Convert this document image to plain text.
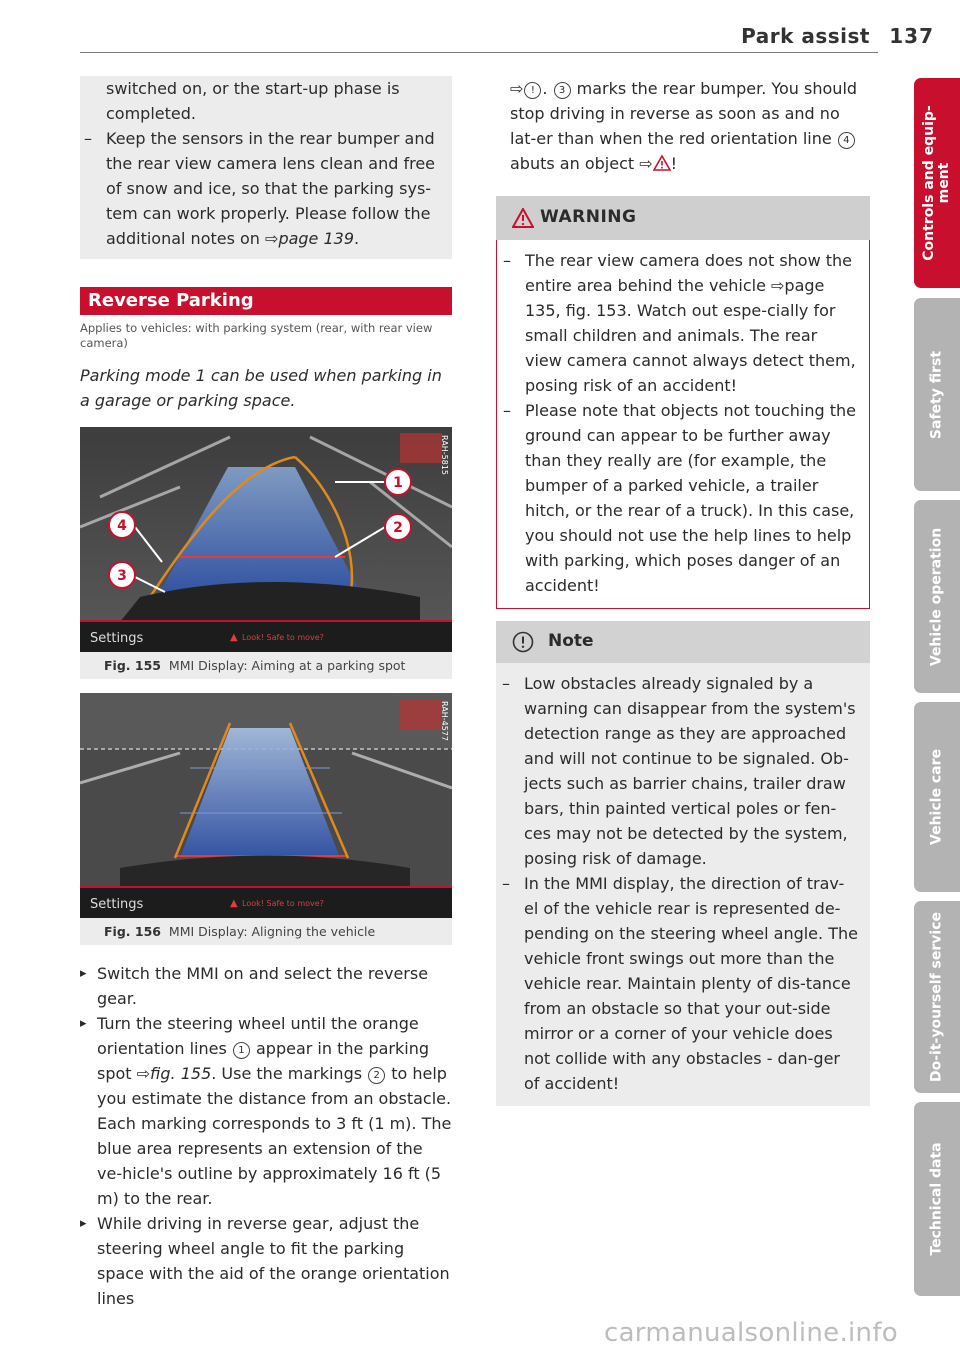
Park assist 137

switched on, or the start-up phase is
completed.

– Keep the sensors in the rear bumper and the rear view camera lens clean and free of snow and ice, so that the parking sys-tem can work properly. Please follow the additional notes on ⇨page 139.

Reverse Parking
Applies to vehicles: with parking system (rear, with rear view camera)
Parking mode 1 can be used when parking in a garage or parking space.
RAH-5815
1
2
4
3
Settings	▲ Look! Safe to move?
Fig. 155 MMI Display: Aiming at a parking spot
RAH-4577
Settings	▲ Look! Safe to move?
Fig. 156 MMI Display: Aligning the vehicle
▸ Switch the MMI on and select the reverse gear.
▸ Turn the steering wheel until the orange orientation lines 1 appear in the parking spot ⇨fig. 155. Use the markings 2 to help you estimate the distance from an obstacle. Each marking corresponds to 3 ft (1 m). The blue area represents an extension of the ve-hicle's outline by approximately 16 ft (5 m) to the rear.
▸ While driving in reverse gear, adjust the steering wheel angle to fit the parking space with the aid of the orange orientation lines

⇨ ! . 3 marks the rear bumper. You should stop driving in reverse as soon as and no lat-er than when the red orientation line 4 abuts an object ⇨ !

WARNING
– The rear view camera does not show the entire area behind the vehicle ⇨page 135, fig. 153. Watch out espe-cially for small children and animals. The rear view camera cannot always detect them, posing risk of an accident!
– Please note that objects not touching the ground can appear to be further away than they really are (for example, the bumper of a parked vehicle, a trailer hitch, or the rear of a truck). In this case, you should not use the help lines to help with parking, which poses danger of an accident!
Note
– Low obstacles already signaled by a warning can disappear from the system's detection range as they are approached and will not continue to be signaled. Ob-jects such as barrier chains, trailer draw bars, thin painted vertical poles or fen-ces may not be detected by the system, posing risk of damage.
– In the MMI display, the direction of trav-el of the vehicle rear is represented de-pending on the steering wheel angle. The vehicle front swings out more than the vehicle rear. Maintain plenty of dis-tance from an obstacle so that your out-side mirror or a corner of your vehicle does not collide with any obstacles - dan-ger of accident!
Controls and equip-ment
Safety first
Vehicle operation
Vehicle care
Do-it-yourself service
Technical data
carmanualsonline.info
